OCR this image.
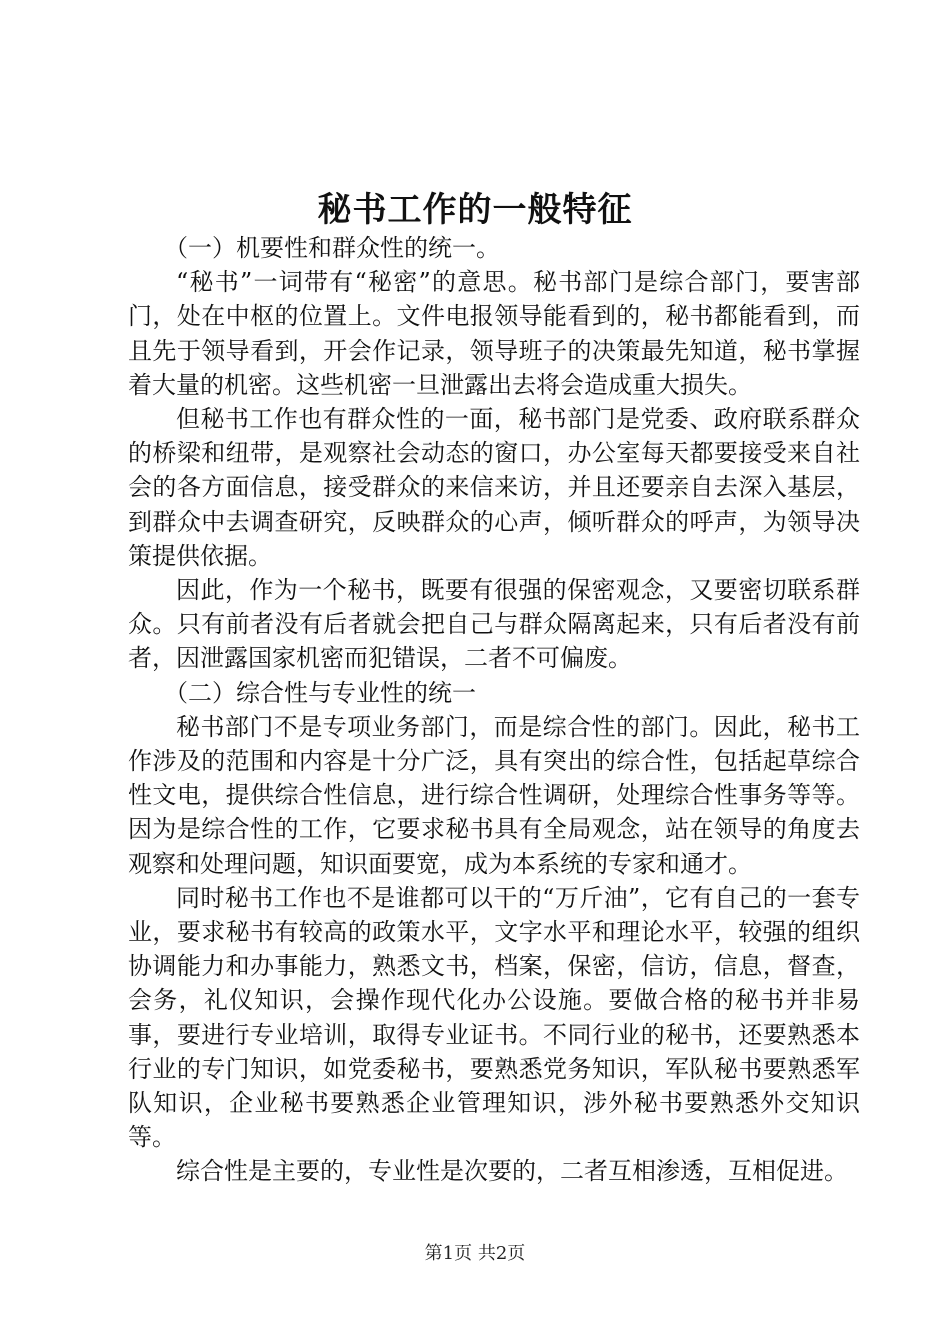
秘书工作的一般特征

（一）机要性和群众性的统一。

“秘书”一词带有“秘密”的意思。秘书部门是综合部门，要害部门，处在中枢的位置上。文件电报领导能看到的，秘书都能看到，而且先于领导看到，开会作记录，领导班子的决策最先知道，秘书掌握着大量的机密。这些机密一旦泄露出去将会造成重大损失。

但秘书工作也有群众性的一面，秘书部门是党委、政府联系群众的桥梁和纽带，是观察社会动态的窗口，办公室每天都要接受来自社会的各方面信息，接受群众的来信来访，并且还要亲自去深入基层，到群众中去调查研究，反映群众的心声，倾听群众的呼声，为领导决策提供依据。

因此，作为一个秘书，既要有很强的保密观念，又要密切联系群众。只有前者没有后者就会把自己与群众隔离起来，只有后者没有前者，因泄露国家机密而犯错误，二者不可偏废。

（二）综合性与专业性的统一

秘书部门不是专项业务部门，而是综合性的部门。因此，秘书工作涉及的范围和内容是十分广泛，具有突出的综合性，包括起草综合性文电，提供综合性信息，进行综合性调研，处理综合性事务等等。因为是综合性的工作，它要求秘书具有全局观念，站在领导的角度去观察和处理问题，知识面要宽，成为本系统的专家和通才。

同时秘书工作也不是谁都可以干的“万斤油”，它有自己的一套专业，要求秘书有较高的政策水平，文字水平和理论水平，较强的组织协调能力和办事能力，熟悉文书，档案，保密，信访，信息，督查，会务，礼仪知识，会操作现代化办公设施。要做合格的秘书并非易事，要进行专业培训，取得专业证书。不同行业的秘书，还要熟悉本行业的专门知识，如党委秘书，要熟悉党务知识，军队秘书要熟悉军队知识，企业秘书要熟悉企业管理知识，涉外秘书要熟悉外交知识等。

综合性是主要的，专业性是次要的，二者互相渗透，互相促进。

第1页 共2页
